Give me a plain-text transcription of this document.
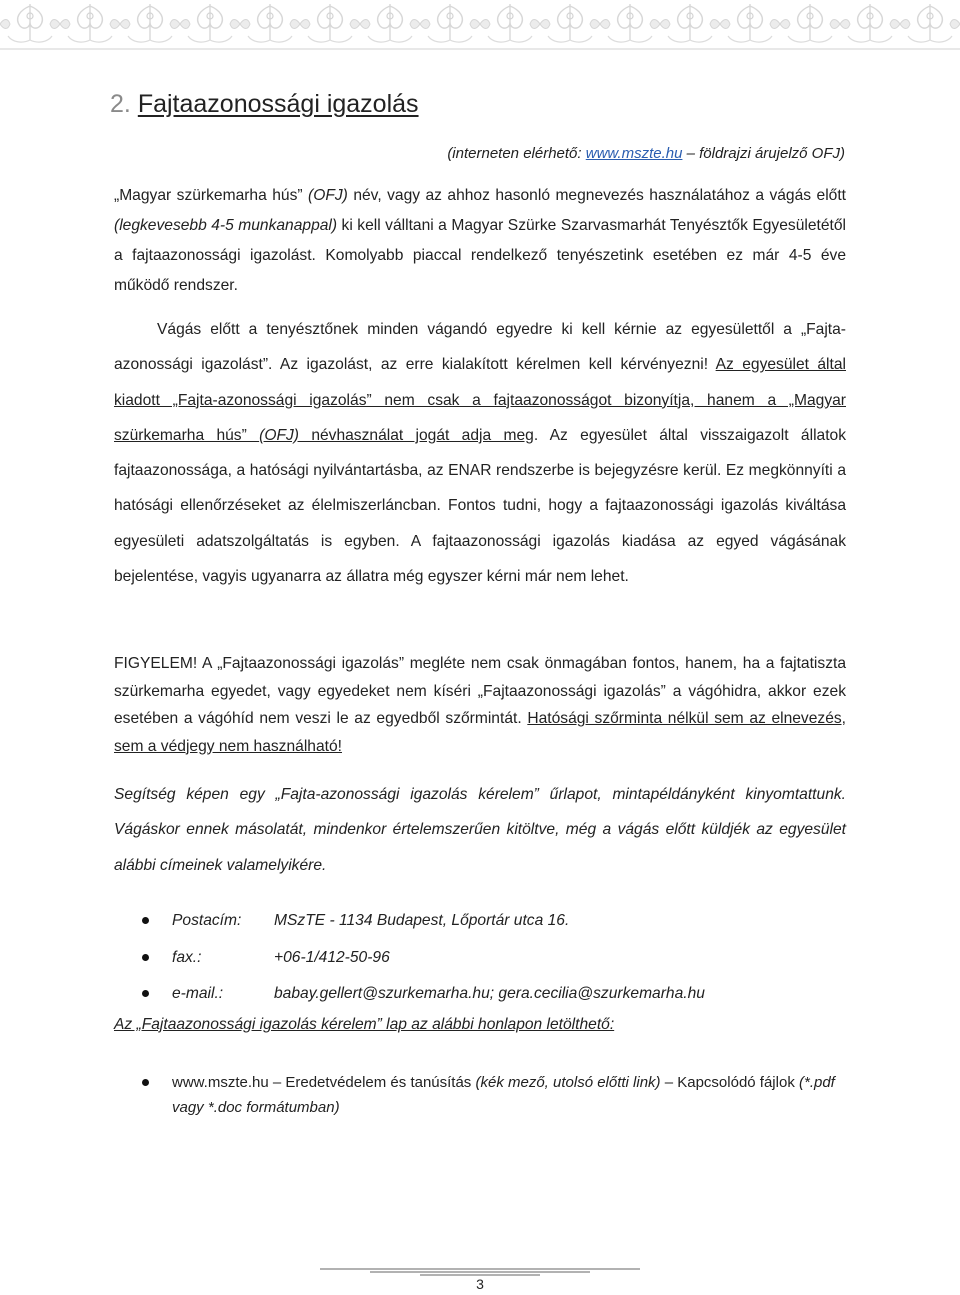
2. Fajtaazonossági igazolás

(interneten elérhető: www.mszte.hu – földrajzi árujelző OFJ)

„Magyar szürkemarha hús” (OFJ) név, vagy az ahhoz hasonló megnevezés használatához a vágás előtt (legkevesebb 4-5 munkanappal) ki kell válltani a Magyar Szürke Szarvasmarhát Tenyésztők Egyesületétől a fajtaazonossági igazolást. Komolyabb piaccal rendelkező tenyészetink esetében ez már 4-5 éve működő rendszer.

Vágás előtt a tenyésztőnek minden vágandó egyedre ki kell kérnie az egyesülettől a „Fajta-azonossági igazolást”. Az igazolást, az erre kialakított kérelmen kell kérvényezni! Az egyesület által kiadott „Fajta-azonossági igazolás” nem csak a fajtaazonosságot bizonyítja, hanem a „Magyar szürkemarha hús” (OFJ) névhasználat jogát adja meg. Az egyesület által visszaigazolt állatok fajtaazonossága, a hatósági nyilvántartásba, az ENAR rendszerbe is bejegyzésre kerül. Ez megkönnyíti a hatósági ellenőrzéseket az élelmiszerláncban. Fontos tudni, hogy a fajtaazonossági igazolás kiváltása egyesületi adatszolgáltatás is egyben. A fajtaazonossági igazolás kiadása az egyed vágásának bejelentése, vagyis ugyanarra az állatra még egyszer kérni már nem lehet.

FIGYELEM! A „Fajtaazonossági igazolás” megléte nem csak önmagában fontos, hanem, ha a fajtatiszta szürkemarha egyedet, vagy egyedeket nem kíséri „Fajtaazonossági igazolás” a vágóhidra, akkor ezek esetében a vágóhíd nem veszi le az egyedből szőrmintát. Hatósági szőrminta nélkül sem az elnevezés, sem a védjegy nem használható!

Segítség képen egy „Fajta-azonossági igazolás kérelem” űrlapot, mintapéldányként kinyomtattunk. Vágáskor ennek másolatát, mindenkor értelemszerűen kitöltve, még a vágás előtt küldjék az egyesület alábbi címeinek valamelyikére.

Postacím: MSzTE - 1134 Budapest, Lőportár utca 16.
fax.:	+06-1/412-50-96
e-mail.:	babay.gellert@szurkemarha.hu; gera.cecilia@szurkemarha.hu

Az „Fajtaazonossági igazolás kérelem” lap az alábbi honlapon letölthető:

www.mszte.hu – Eredetvédelem és tanúsítás (kék mező, utolsó előtti link) – Kapcsolódó fájlok (*.pdf vagy *.doc formátumban)
3
